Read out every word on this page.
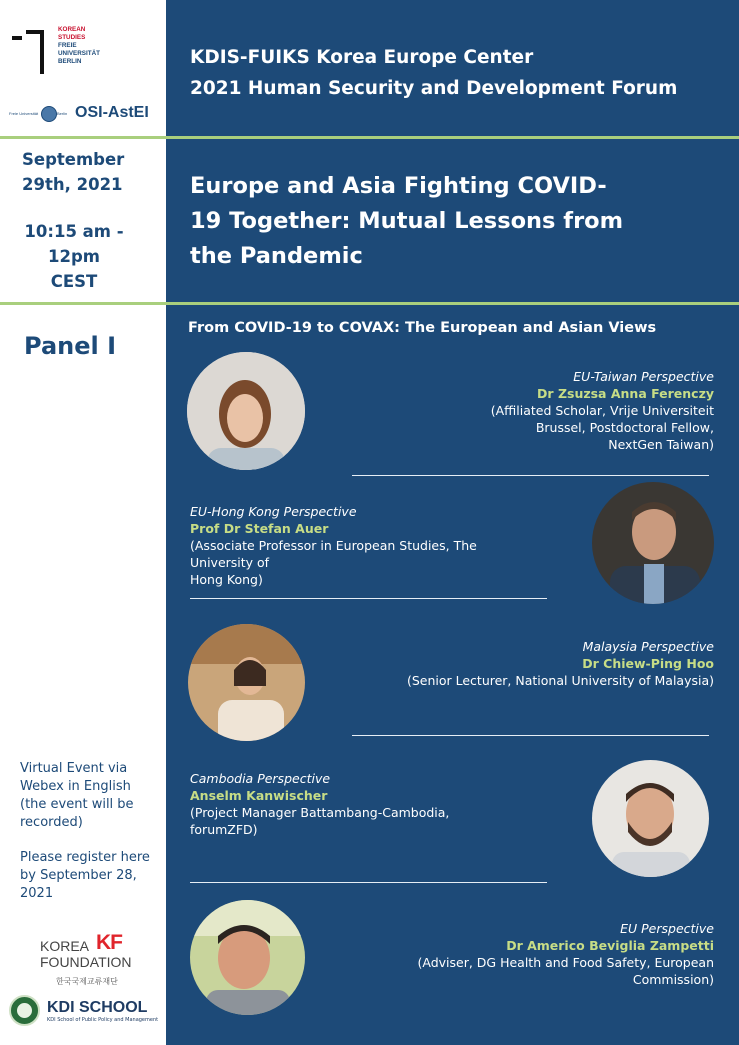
KOREAN
STUDIES
FREIE
UNIVERSITÄT
BERLIN
Freie Universität	Berlin OSI-AstEI
September
29th, 2021
10:15 am -
12pm CEST
Panel I
Virtual Event via Webex in English (the event will be recorded)
Please register here by September 28, 2021
KOREA
FOUNDATION
KF
한국국제교류재단
KDI SCHOOL
KDI School of Public Policy and Management
KDIS-FUIKS Korea Europe Center
2021 Human Security and Development Forum
Europe and Asia Fighting COVID-19 Together: Mutual Lessons from the Pandemic
From COVID-19 to COVAX: The European and Asian Views
EU-Taiwan Perspective
Dr Zsuzsa Anna Ferenczy
(Affiliated Scholar, Vrije Universiteit
Brussel, Postdoctoral Fellow,
NextGen Taiwan)
EU-Hong Kong Perspective
Prof Dr Stefan Auer
(Associate Professor in European Studies, The University of
Hong Kong)
Malaysia Perspective
Dr Chiew-Ping Hoo
(Senior Lecturer, National University of Malaysia)
Cambodia Perspective
Anselm Kanwischer
(Project Manager Battambang-Cambodia,
forumZFD)
EU Perspective
Dr Americo Beviglia Zampetti
(Adviser, DG Health and Food Safety, European
Commission)
